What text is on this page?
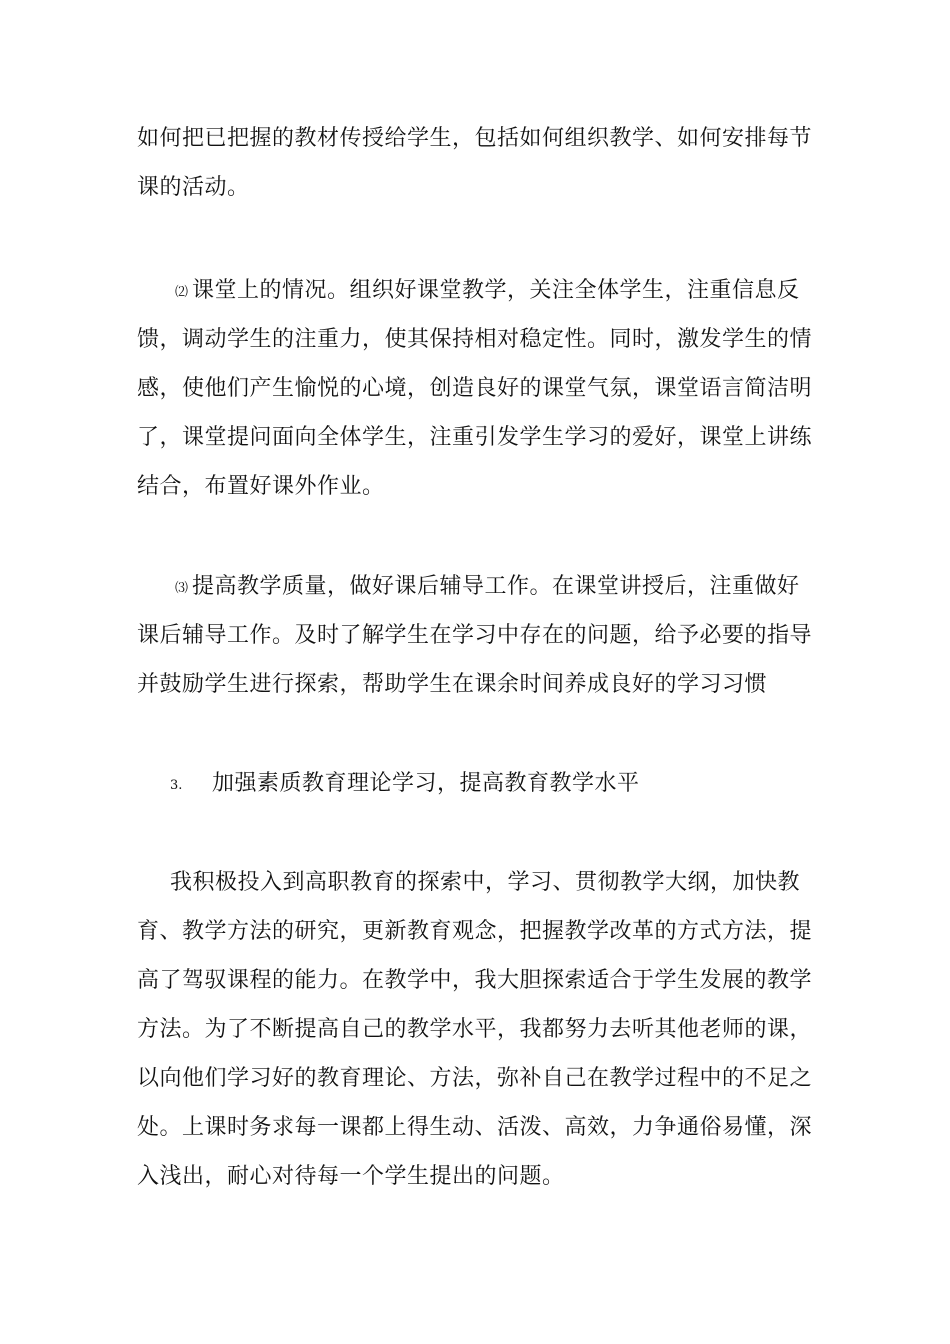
如何把已把握的教材传授给学生，包括如何组织教学、如何安排每节
课的活动。
⑵ 课堂上的情况。组织好课堂教学，关注全体学生，注重信息反
馈，调动学生的注重力，使其保持相对稳定性。同时，激发学生的情
感，使他们产生愉悦的心境，创造良好的课堂气氛，课堂语言简洁明
了，课堂提问面向全体学生，注重引发学生学习的爱好，课堂上讲练
结合，布置好课外作业。
⑶ 提高教学质量，做好课后辅导工作。在课堂讲授后，注重做好
课后辅导工作。及时了解学生在学习中存在的问题，给予必要的指导
并鼓励学生进行探索，帮助学生在课余时间养成良好的学习习惯
3. 加强素质教育理论学习，提高教育教学水平
我积极投入到高职教育的探索中，学习、贯彻教学大纲，加快教
育、教学方法的研究，更新教育观念，把握教学改革的方式方法，提
高了驾驭课程的能力。在教学中，我大胆探索适合于学生发展的教学
方法。为了不断提高自己的教学水平，我都努力去听其他老师的课，
以向他们学习好的教育理论、方法，弥补自己在教学过程中的不足之
处。上课时务求每一课都上得生动、活泼、高效，力争通俗易懂，深
入浅出，耐心对待每一个学生提出的问题。
